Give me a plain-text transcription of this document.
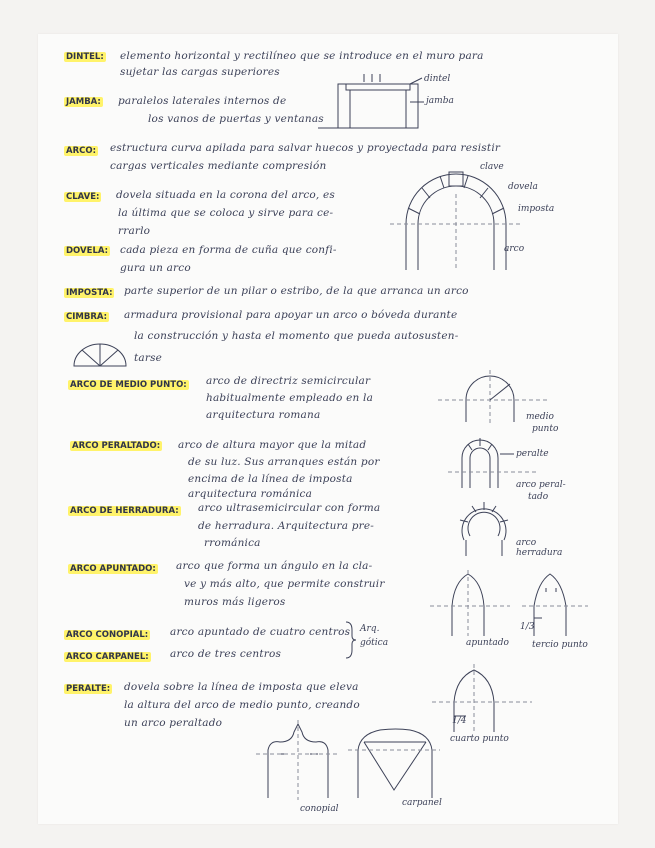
DINTEL: elemento horizontal y rectilíneo que se introduce en el muro para
sujetar las cargas superiores
JAMBA: paralelos laterales internos de
los vanos de puertas y ventanas
dintel
jamba
ARCO: estructura curva apilada para salvar huecos y proyectada para resistir
cargas verticales mediante compresión
CLAVE: dovela situada en la corona del arco, es
la última que se coloca y sirve para ce-
rrarlo
clave
dovela
imposta
arco
DOVELA: cada pieza en forma de cuña que confi-
gura un arco
IMPOSTA: parte superior de un pilar o estribo, de la que arranca un arco
CIMBRA: armadura provisional para apoyar un arco o bóveda durante
la construcción y hasta el momento que pueda autosusten-
tarse
ARCO DE MEDIO PUNTO: arco de directriz semicircular
habitualmente empleado en la
arquitectura romana	medio
punto
ARCO PERALTADO: arco de altura mayor que la mitad
de su luz. Sus arranques están por
encima de la línea de imposta
arquitectura románica
peralte
arco peral-
tado
ARCO DE HERRADURA: arco ultrasemicircular con forma
de herradura. Arquitectura pre-
rrománica	arco
herradura
ARCO APUNTADO: arco que forma un ángulo en la cla-
ve y más alto, que permite construir
muros más ligeros
ARCO CONOPIAL: arco apuntado de cuatro centros
ARCO CARPANEL: arco de tres centros
Arq.
gótica	apuntado
1/3
tercio punto
PERALTE: dovela sobre la línea de imposta que eleva
la altura del arco de medio punto, creando
un arco peraltado	1/4
cuarto punto
conopial
carpanel
